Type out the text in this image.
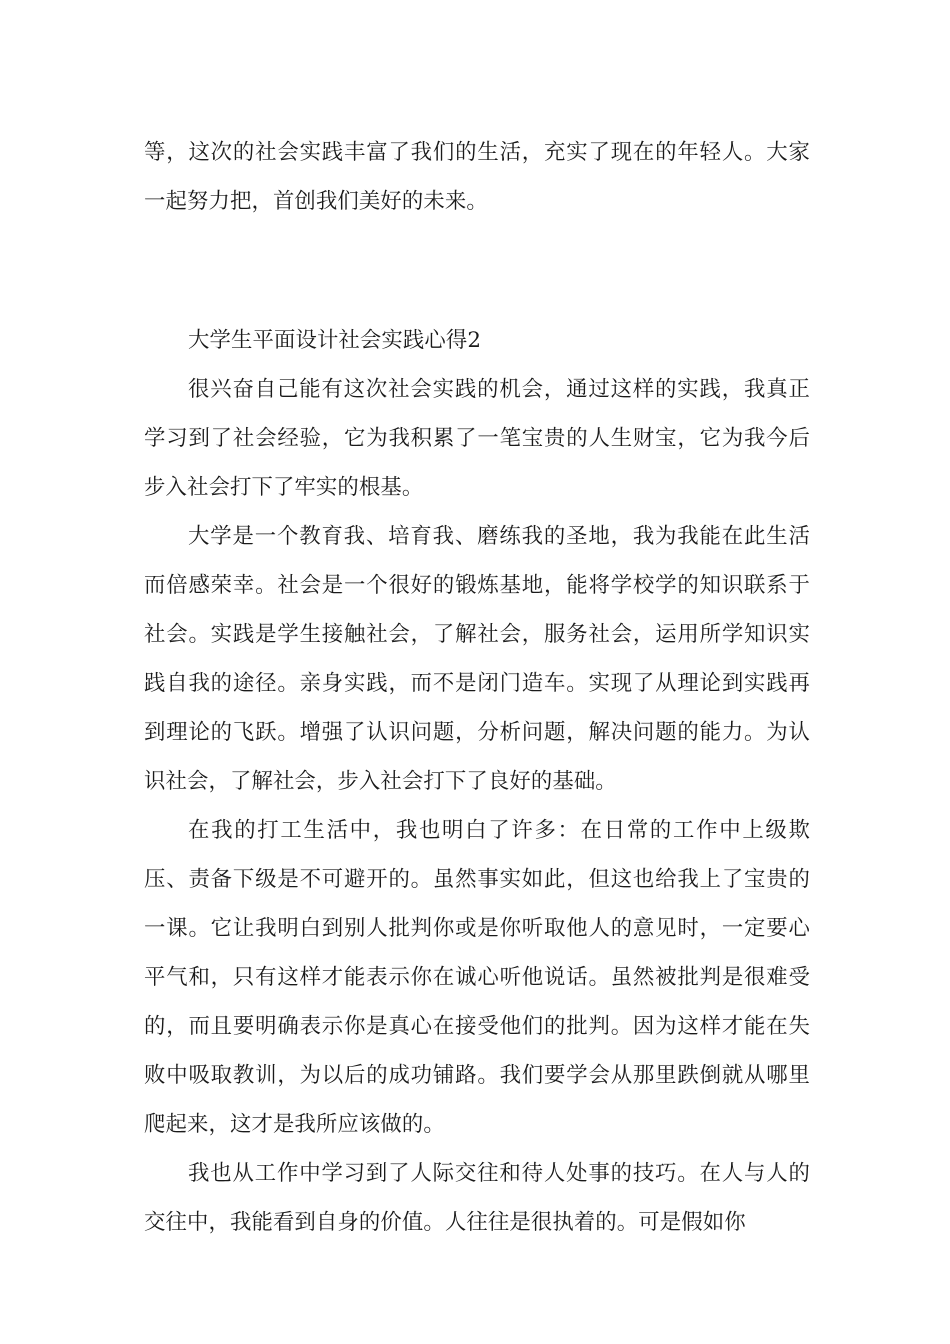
等，这次的社会实践丰富了我们的生活，充实了现在的年轻人。大家一起努力把，首创我们美好的未来。

大学生平面设计社会实践心得2

很兴奋自己能有这次社会实践的机会，通过这样的实践，我真正学习到了社会经验，它为我积累了一笔宝贵的人生财宝，它为我今后步入社会打下了牢实的根基。

大学是一个教育我、培育我、磨练我的圣地，我为我能在此生活而倍感荣幸。社会是一个很好的锻炼基地，能将学校学的知识联系于社会。实践是学生接触社会，了解社会，服务社会，运用所学知识实践自我的途径。亲身实践，而不是闭门造车。实现了从理论到实践再到理论的飞跃。增强了认识问题，分析问题，解决问题的能力。为认识社会，了解社会，步入社会打下了良好的基础。

在我的打工生活中，我也明白了许多：在日常的工作中上级欺压、责备下级是不可避开的。虽然事实如此，但这也给我上了宝贵的一课。它让我明白到别人批判你或是你听取他人的意见时，一定要心平气和，只有这样才能表示你在诚心听他说话。虽然被批判是很难受的，而且要明确表示你是真心在接受他们的批判。因为这样才能在失败中吸取教训，为以后的成功铺路。我们要学会从那里跌倒就从哪里爬起来，这才是我所应该做的。

我也从工作中学习到了人际交往和待人处事的技巧。在人与人的交往中，我能看到自身的价值。人往往是很执着的。可是假如你
